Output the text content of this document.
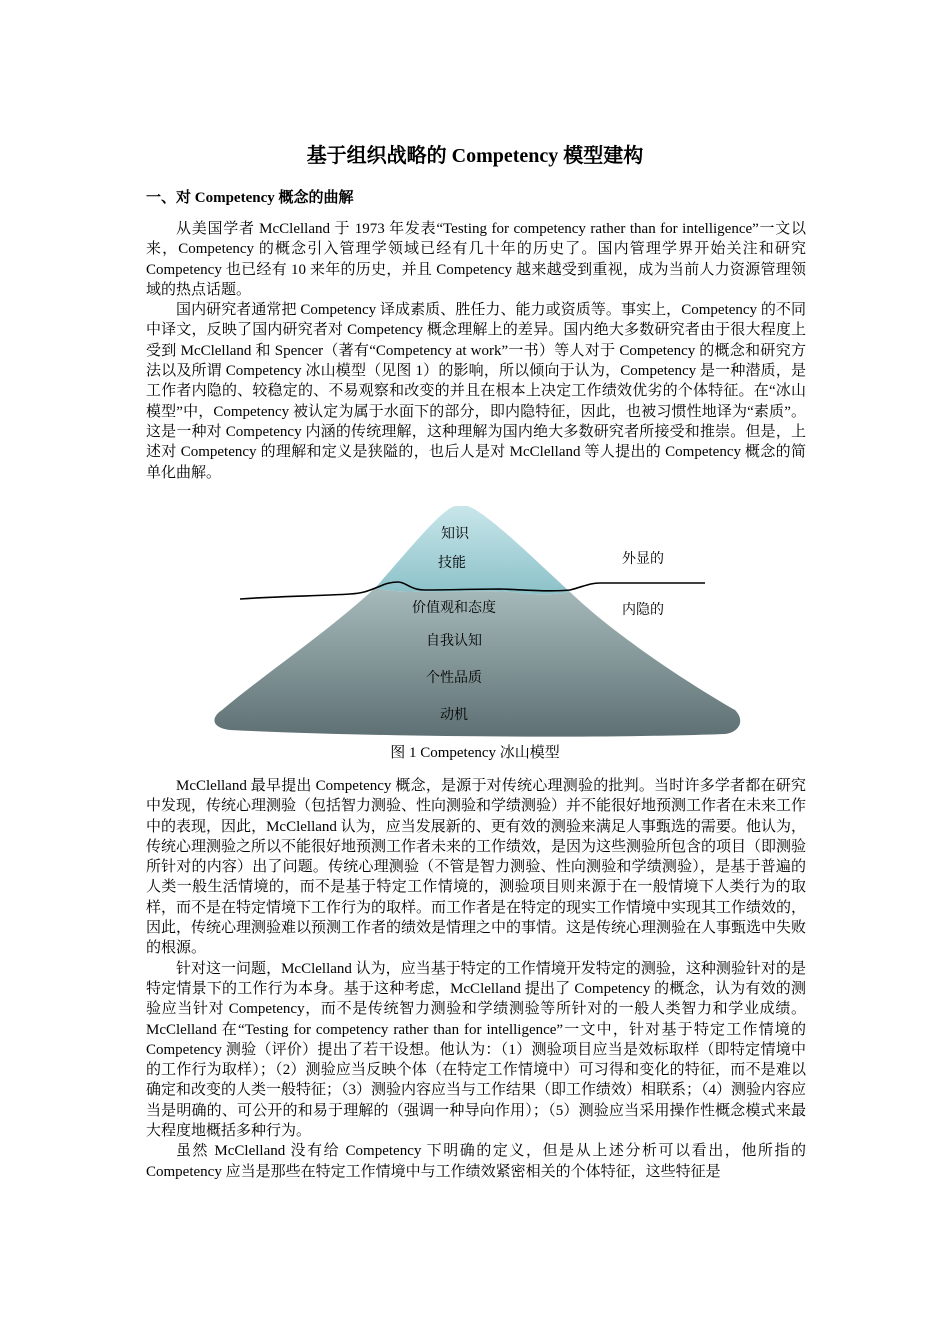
基于组织战略的 Competency 模型建构
一、对 Competency 概念的曲解

从美国学者 McClelland 于 1973 年发表“Testing for competency rather than for intelligence”一文以来，Competency 的概念引入管理学领域已经有几十年的历史了。国内管理学界开始关注和研究 Competency 也已经有 10 来年的历史，并且 Competency 越来越受到重视，成为当前人力资源管理领域的热点话题。

国内研究者通常把 Competency 译成素质、胜任力、能力或资质等。事实上，Competency 的不同中译文，反映了国内研究者对 Competency 概念理解上的差异。国内绝大多数研究者由于很大程度上受到 McClelland 和 Spencer（著有“Competency at work”一书）等人对于 Competency 的概念和研究方法以及所谓 Competency 冰山模型（见图 1）的影响，所以倾向于认为，Competency 是一种潜质，是工作者内隐的、较稳定的、不易观察和改变的并且在根本上决定工作绩效优劣的个体特征。在“冰山模型”中，Competency 被认定为属于水面下的部分，即内隐特征，因此，也被习惯性地译为“素质”。这是一种对 Competency 内涵的传统理解，这种理解为国内绝大多数研究者所接受和推崇。但是，上述对 Competency 的理解和定义是狭隘的，也后人是对 McClelland 等人提出的 Competency 概念的简单化曲解。

知识
技能
价值观和态度
自我认知
个性品质
动机
外显的
内隐的
图 1 Competency 冰山模型

McClelland 最早提出 Competency 概念，是源于对传统心理测验的批判。当时许多学者都在研究中发现，传统心理测验（包括智力测验、性向测验和学绩测验）并不能很好地预测工作者在未来工作中的表现，因此，McClelland 认为，应当发展新的、更有效的测验来满足人事甄选的需要。他认为，传统心理测验之所以不能很好地预测工作者未来的工作绩效，是因为这些测验所包含的项目（即测验所针对的内容）出了问题。传统心理测验（不管是智力测验、性向测验和学绩测验），是基于普遍的人类一般生活情境的，而不是基于特定工作情境的，测验项目则来源于在一般情境下人类行为的取样，而不是在特定情境下工作行为的取样。而工作者是在特定的现实工作情境中实现其工作绩效的，因此，传统心理测验难以预测工作者的绩效是情理之中的事情。这是传统心理测验在人事甄选中失败的根源。

针对这一问题，McClelland 认为，应当基于特定的工作情境开发特定的测验，这种测验针对的是特定情景下的工作行为本身。基于这种考虑，McClelland 提出了 Competency 的概念，认为有效的测验应当针对 Competency，而不是传统智力测验和学绩测验等所针对的一般人类智力和学业成绩。McClelland 在“Testing for competency rather than for intelligence”一文中，针对基于特定工作情境的 Competency 测验（评价）提出了若干设想。他认为：（1）测验项目应当是效标取样（即特定情境中的工作行为取样）；（2）测验应当反映个体（在特定工作情境中）可习得和变化的特征，而不是难以确定和改变的人类一般特征；（3）测验内容应当与工作结果（即工作绩效）相联系；（4）测验内容应当是明确的、可公开的和易于理解的（强调一种导向作用）；（5）测验应当采用操作性概念模式来最大程度地概括多种行为。

虽然 McClelland 没有给 Competency 下明确的定义，但是从上述分析可以看出，他所指的 Competency 应当是那些在特定工作情境中与工作绩效紧密相关的个体特征，这些特征是
